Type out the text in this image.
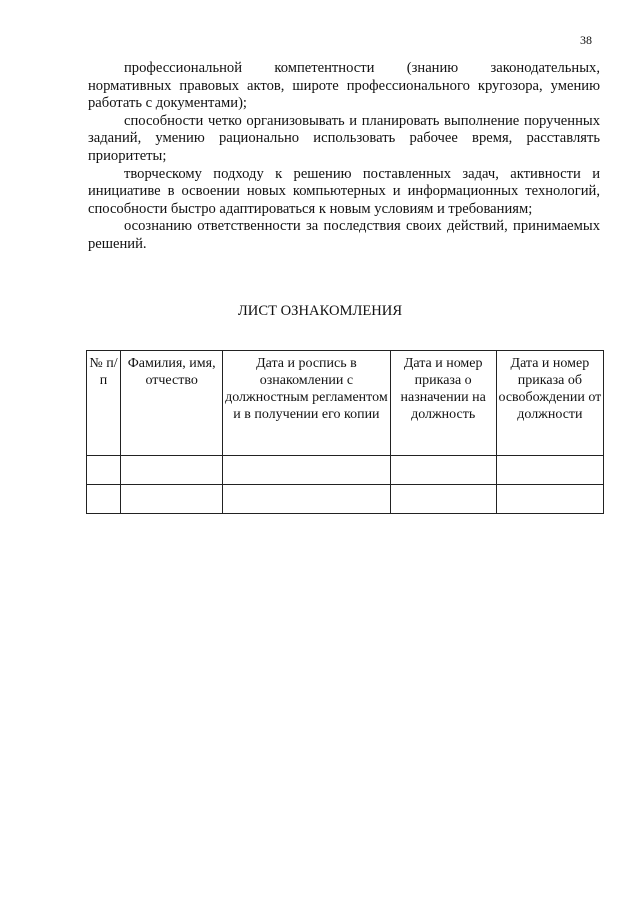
38

профессиональной компетентности (знанию законодательных, нормативных правовых актов, широте профессионального кругозора, умению работать с документами);

способности четко организовывать и планировать выполнение порученных заданий, умению рационально использовать рабочее время, расставлять приоритеты;

творческому подходу к решению поставленных задач, активности и инициативе в освоении новых компьютерных и информационных технологий, способности быстро адаптироваться к новым условиям и требованиям;

осознанию ответственности за последствия своих действий, принимаемых решений.

ЛИСТ ОЗНАКОМЛЕНИЯ
№ п/п	Фамилия, имя, отчество	Дата и роспись в ознакомлении с должностным регламентом и в получении его копии	Дата и номер приказа о назначении на должность	Дата и номер приказа об освобождении от должности
